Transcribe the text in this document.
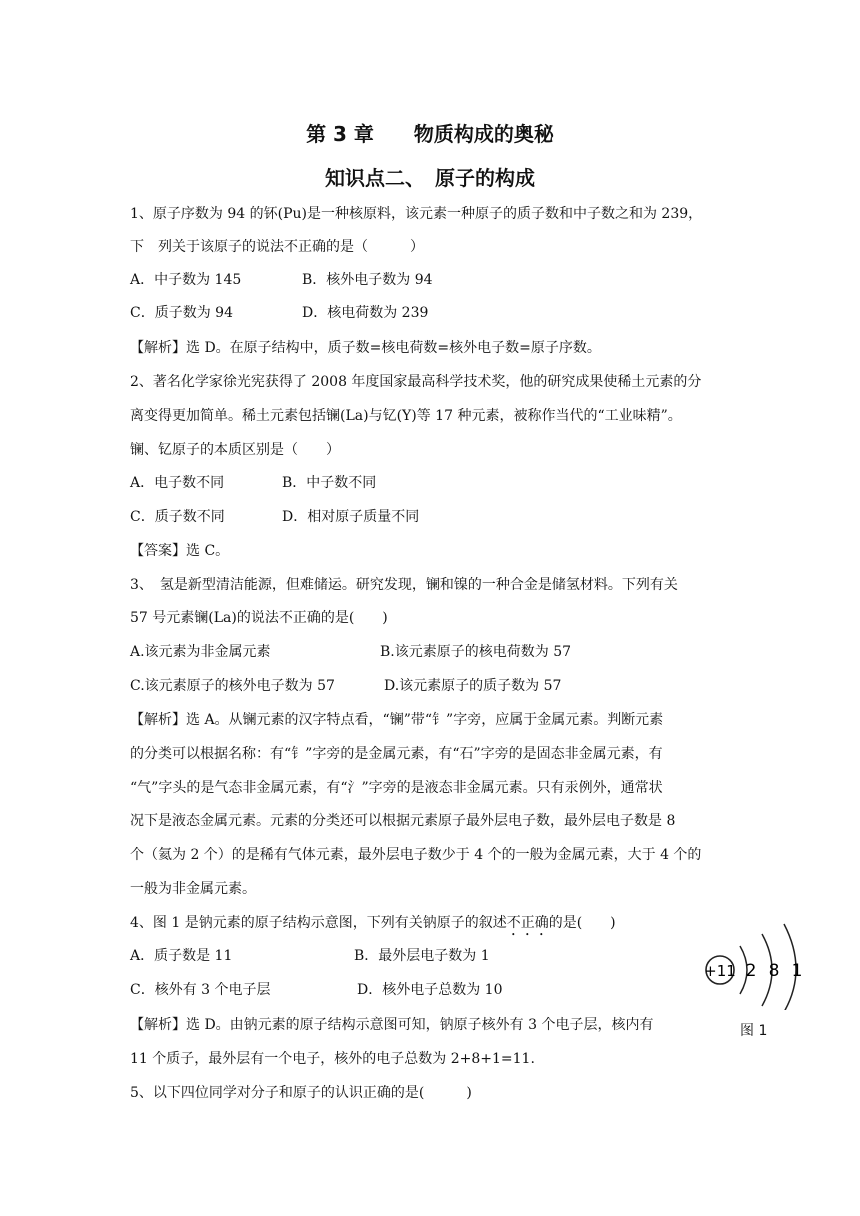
第 3 章　　物质构成的奥秘
知识点二、　原子的构成
1、原子序数为 94 的钚(Pu)是一种核原料，该元素一种原子的质子数和中子数之和为 239，
下　列关于该原子的说法不正确的是（　　　）
A．中子数为 145	B．核外电子数为 94
C．质子数为 94	D．核电荷数为 239
【解析】选 D。在原子结构中，质子数=核电荷数=核外电子数=原子序数。
2、著名化学家徐光宪获得了 2008 年度国家最高科学技术奖，他的研究成果使稀土元素的分
离变得更加简单。稀土元素包括镧(La)与钇(Y)等 17 种元素，被称作当代的“工业味精”。
镧、钇原子的本质区别是（　　）
A．电子数不同	B．中子数不同
C．质子数不同	D．相对原子质量不同
【答案】选 C。
3、　氢是新型清洁能源，但难储运。研究发现，镧和镍的一种合金是储氢材料。下列有关
57 号元素镧(La)的说法不正确的是(　　)
A.该元素为非金属元素	B.该元素原子的核电荷数为 57
C.该元素原子的核外电子数为 57	D.该元素原子的质子数为 57
【解析】选 A。从镧元素的汉字特点看，“镧”带“钅”字旁，应属于金属元素。判断元素
的分类可以根据名称：有“钅”字旁的是金属元素，有“石”字旁的是固态非金属元素，有
“气”字头的是气态非金属元素，有“氵”字旁的是液态非金属元素。只有汞例外，通常状
况下是液态金属元素。元素的分类还可以根据元素原子最外层电子数，最外层电子数是 8
个（氦为 2 个）的是稀有气体元素，最外层电子数少于 4 个的一般为金属元素，大于 4 个的
一般为非金属元素。
4、图 1 是钠元素的原子结构示意图，下列有关钠原子的叙述不正确的是(　　)
A．质子数是 11	B．最外层电子数为 1
C．核外有 3 个电子层	D．核外电子总数为 10
【解析】选 D。由钠元素的原子结构示意图可知，钠原子核外有 3 个电子层，核内有
11 个质子，最外层有一个电子，核外的电子总数为 2+8+1=11.
+11 2 8 1
图 1
5、以下四位同学对分子和原子的认识正确的是(　　　)
